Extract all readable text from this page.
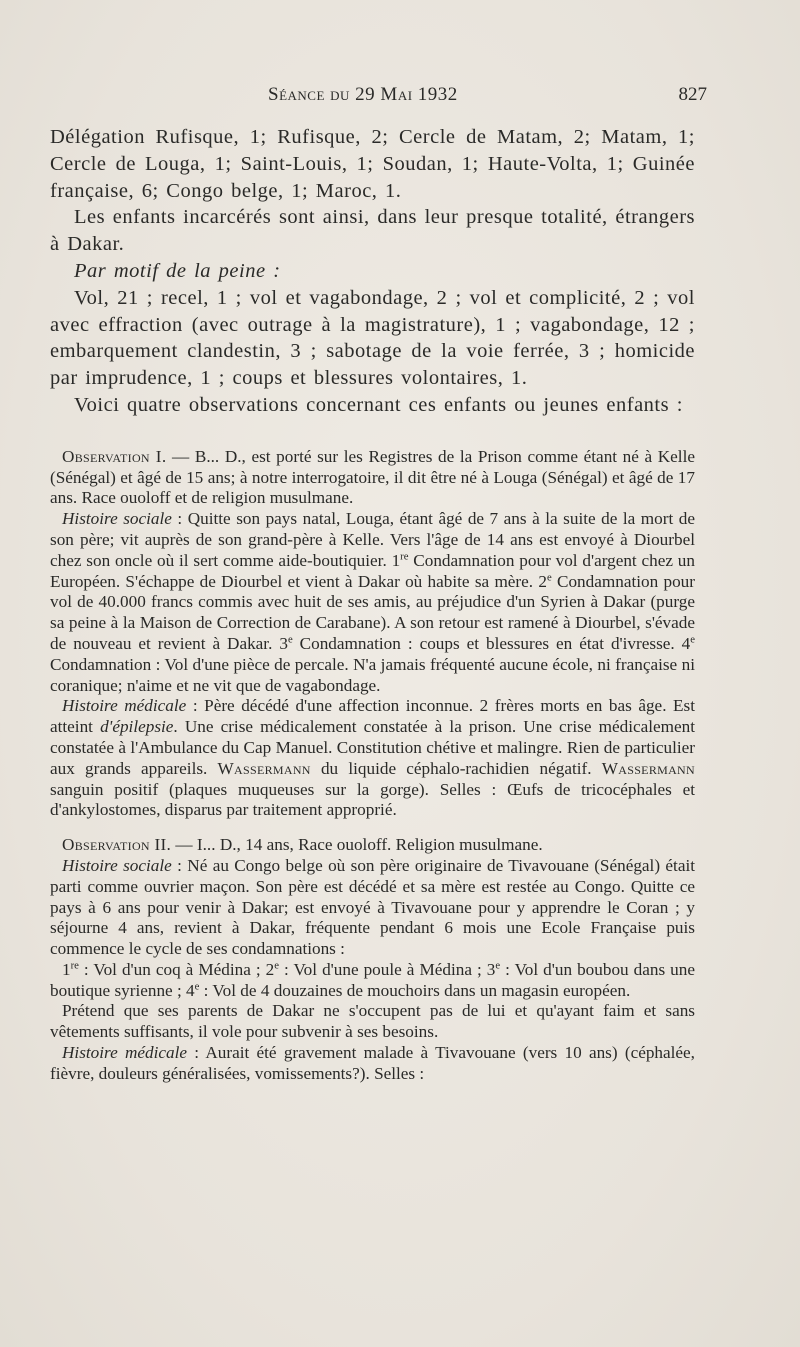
Séance du 29 Mai 1932	827

Délégation Rufisque, 1; Rufisque, 2; Cercle de Matam, 2; Matam, 1; Cercle de Louga, 1; Saint-Louis, 1; Soudan, 1; Haute-Volta, 1; Guinée française, 6; Congo belge, 1; Maroc, 1.

Les enfants incarcérés sont ainsi, dans leur presque totalité, étrangers à Dakar.

Par motif de la peine :

Vol, 21 ; recel, 1 ; vol et vagabondage, 2 ; vol et complicité, 2 ; vol avec effraction (avec outrage à la magistrature), 1 ; vagabondage, 12 ; embarquement clandestin, 3 ; sabotage de la voie ferrée, 3 ; homicide par imprudence, 1 ; coups et blessures volontaires, 1.

Voici quatre observations concernant ces enfants ou jeunes enfants :

Observation I. — B... D., est porté sur les Registres de la Prison comme étant né à Kelle (Sénégal) et âgé de 15 ans; à notre interrogatoire, il dit être né à Louga (Sénégal) et âgé de 17 ans. Race ouoloff et de religion musulmane.

Histoire sociale : Quitte son pays natal, Louga, étant âgé de 7 ans à la suite de la mort de son père; vit auprès de son grand-père à Kelle. Vers l'âge de 14 ans est envoyé à Diourbel chez son oncle où il sert comme aide-boutiquier. 1re Condamnation pour vol d'argent chez un Européen. S'échappe de Diourbel et vient à Dakar où habite sa mère. 2e Condamnation pour vol de 40.000 francs commis avec huit de ses amis, au préjudice d'un Syrien à Dakar (purge sa peine à la Maison de Correction de Carabane). A son retour est ramené à Diourbel, s'évade de nouveau et revient à Dakar. 3e Condamnation : coups et blessures en état d'ivresse. 4e Condamnation : Vol d'une pièce de percale. N'a jamais fréquenté aucune école, ni française ni coranique; n'aime et ne vit que de vagabondage.

Histoire médicale : Père décédé d'une affection inconnue. 2 frères morts en bas âge. Est atteint d'épilepsie. Une crise médicalement constatée à la prison. Une crise médicalement constatée à l'Ambulance du Cap Manuel. Constitution chétive et malingre. Rien de particulier aux grands appareils. Wassermann du liquide céphalo-rachidien négatif. Wassermann sanguin positif (plaques muqueuses sur la gorge). Selles : Œufs de tricocéphales et d'ankylostomes, disparus par traitement approprié.

Observation II. — I... D., 14 ans, Race ouoloff. Religion musulmane.

Histoire sociale : Né au Congo belge où son père originaire de Tivavouane (Sénégal) était parti comme ouvrier maçon. Son père est décédé et sa mère est restée au Congo. Quitte ce pays à 6 ans pour venir à Dakar; est envoyé à Tivavouane pour y apprendre le Coran ; y séjourne 4 ans, revient à Dakar, fréquente pendant 6 mois une Ecole Française puis commence le cycle de ses condamnations :

1re : Vol d'un coq à Médina ; 2e : Vol d'une poule à Médina ; 3e : Vol d'un boubou dans une boutique syrienne ; 4e : Vol de 4 douzaines de mouchoirs dans un magasin européen.

Prétend que ses parents de Dakar ne s'occupent pas de lui et qu'ayant faim et sans vêtements suffisants, il vole pour subvenir à ses besoins.

Histoire médicale : Aurait été gravement malade à Tivavouane (vers 10 ans) (céphalée, fièvre, douleurs généralisées, vomissements?). Selles :
